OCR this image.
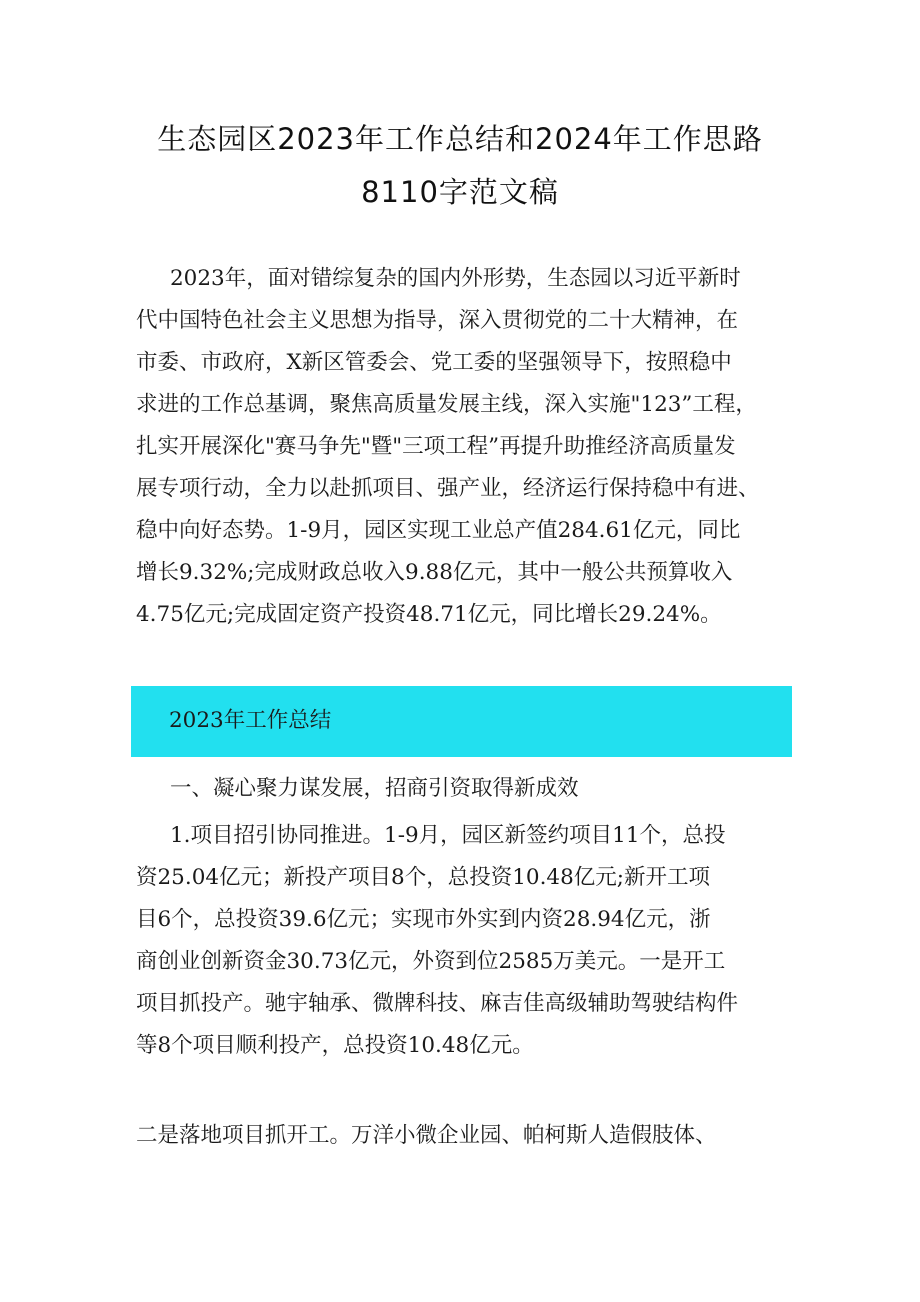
生态园区2023年工作总结和2024年工作思路
8110字范文稿
2023年，面对错综复杂的国内外形势，生态园以习近平新时
代中国特色社会主义思想为指导，深入贯彻党的二十大精神，在
市委、市政府，X新区管委会、党工委的坚强领导下，按照稳中
求进的工作总基调，聚焦高质量发展主线，深入实施"123”工程，
扎实开展深化"赛马争先"暨"三项工程”再提升助推经济高质量发
展专项行动，全力以赴抓项目、强产业，经济运行保持稳中有进、
稳中向好态势。1-9月，园区实现工业总产值284.61亿元，同比
增长9.32%;完成财政总收入9.88亿元，其中一般公共预算收入
4.75亿元;完成固定资产投资48.71亿元，同比增长29.24%。
2023年工作总结
一、凝心聚力谋发展，招商引资取得新成效
1.项目招引协同推进。1-9月，园区新签约项目11个，总投
资25.04亿元；新投产项目8个，总投资10.48亿元;新开工项
目6个，总投资39.6亿元；实现市外实到内资28.94亿元，浙
商创业创新资金30.73亿元，外资到位2585万美元。一是开工
项目抓投产。驰宇轴承、微牌科技、麻吉佳高级辅助驾驶结构件
等8个项目顺利投产，总投资10.48亿元。
二是落地项目抓开工。万洋小微企业园、帕柯斯人造假肢体、
